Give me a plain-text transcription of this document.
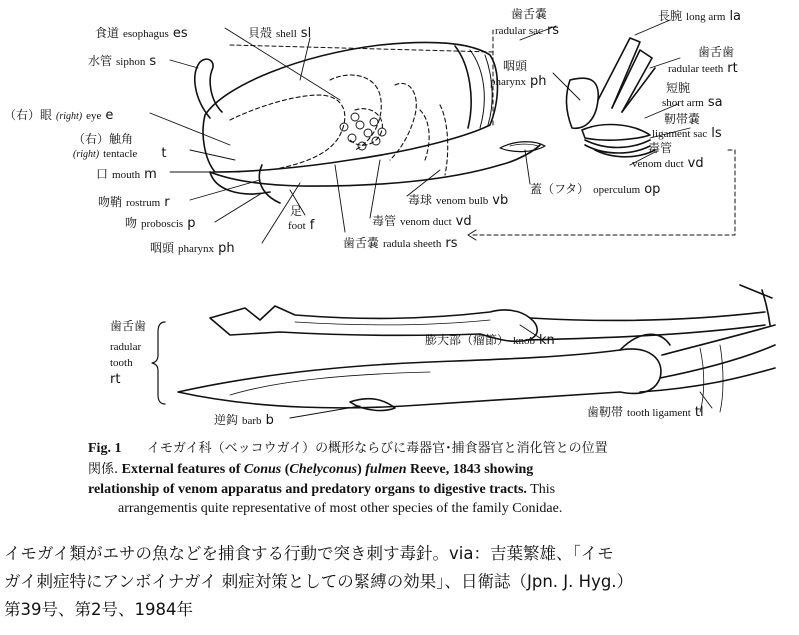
食道 esophagus es	貝殻 shell sl
水管 siphon s
（右）眼 (right) eye e
（右）触角
(right) tentacle t
口 mouth m
吻鞘 rostrum r
吻 proboscis p
咽頭 pharynx ph
足
foot f
歯舌嚢 radula sheeth rs
毒管 venom duct vd
毒球 venom bulb vb
蓋（フタ） operculum op
歯舌嚢
radular sac rs
咽頭
pharynx ph
長腕 long arm la
歯舌歯
radular teeth rt
短腕
short arm sa
靭帯嚢
ligament sac ls
毒管
venom duct vd
歯舌歯
radular
tooth
rt
膨大部（瘤節） knob kn
逆鈎 barb b
歯靭帯 tooth ligament tl
Fig. 1 イモガイ科（ベッコウガイ）の概形ならびに毒器官･捕食器官と消化管との位置
関係. External features of Conus (Chelyconus) fulmen Reeve, 1843 showing
relationship of venom apparatus and predatory organs to digestive tracts. This
arrangementis quite representative of most other species of the family Conidae.
イモガイ類がエサの魚などを捕食する行動で突き刺す毒針。via：吉葉繁雄、「イモ
ガイ刺症特にアンボイナガイ 刺症対策としての緊縛の効果」、日衛誌（Jpn. J. Hyg.）
第39号、第2号、1984年
